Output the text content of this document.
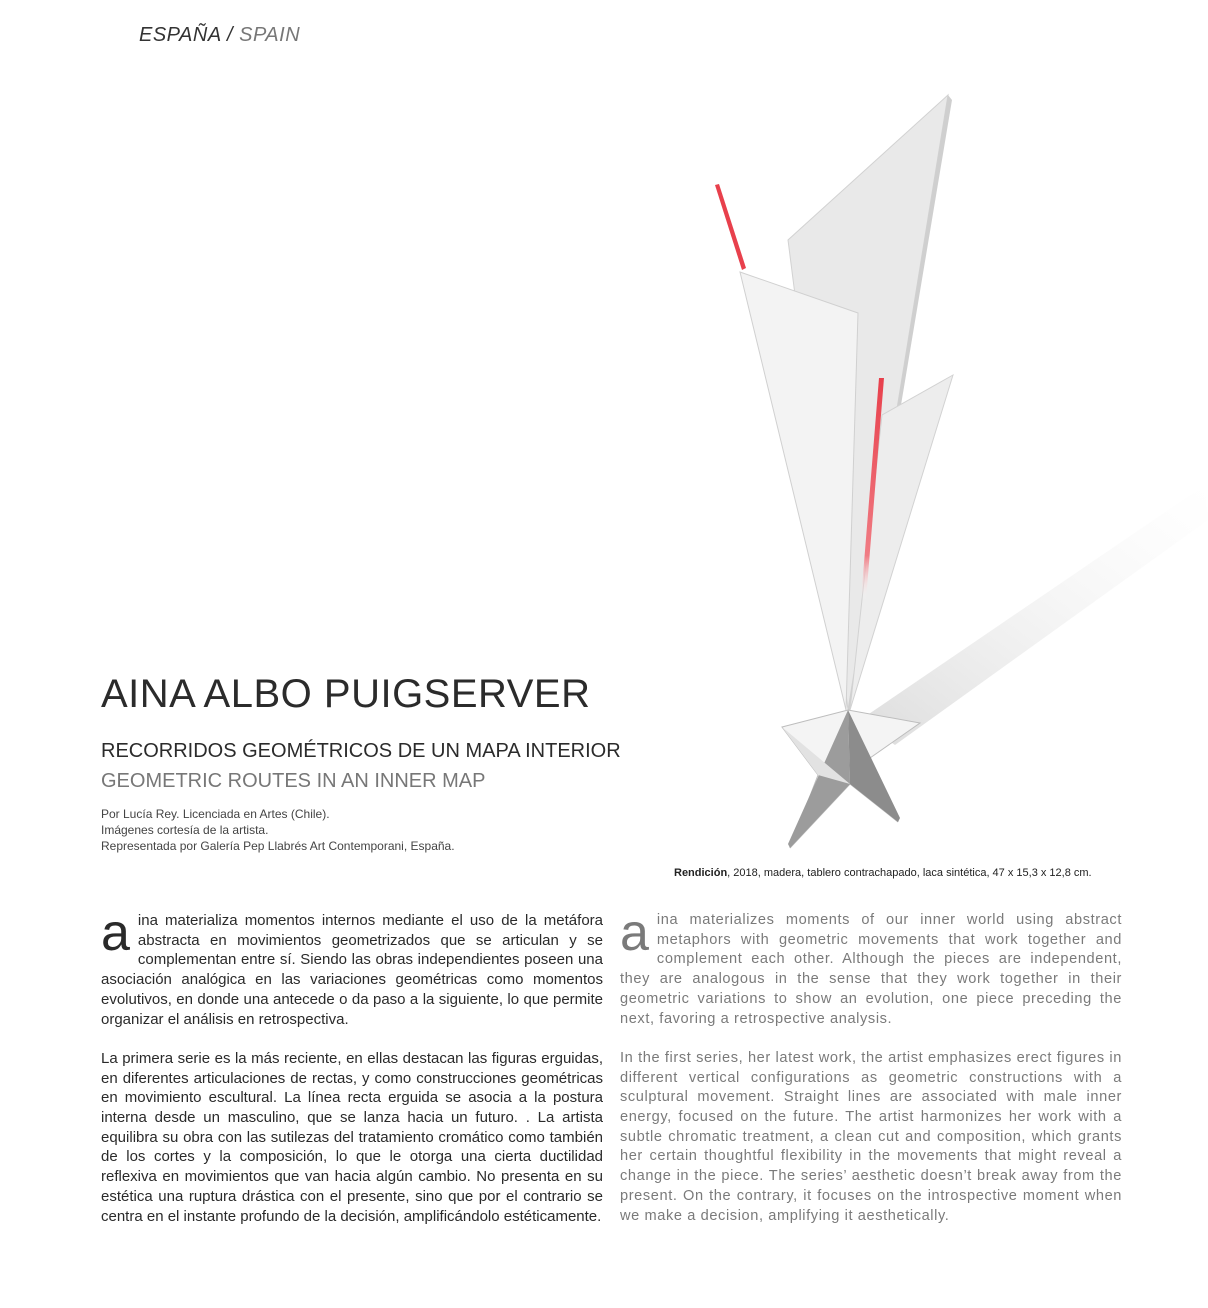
ESPAÑA / SPAIN
AINA ALBO PUIGSERVER
RECORRIDOS GEOMÉTRICOS DE UN MAPA INTERIOR
GEOMETRIC ROUTES IN AN INNER MAP
Por Lucía Rey. Licenciada en Artes (Chile).
Imágenes cortesía de la artista.
Representada por Galería Pep Llabrés Art Contemporani, España.
Rendición, 2018, madera, tablero contrachapado, laca sintética, 47 x 15,3 x 12,8 cm.

aina materializa momentos internos mediante el uso de la metáfora abstracta en movimientos geometrizados que se articulan y se complementan entre sí. Siendo las obras independientes poseen una asociación analógica en las variaciones geométricas como momentos evolutivos, en donde una antecede o da paso a la siguiente, lo que permite organizar el análisis en retrospectiva.

La primera serie es la más reciente, en ellas destacan las figuras erguidas, en diferentes articulaciones de rectas, y como construcciones geométricas en movimiento escultural. La línea recta erguida se asocia a la postura interna desde un masculino, que se lanza hacia un futuro. . La artista equilibra su obra con las sutilezas del tratamiento cromático como también de los cortes y la composición, lo que le otorga una cierta ductilidad reflexiva en movimientos que van hacia algún cambio. No presenta en su estética una ruptura drástica con el presente, sino que por el contrario se centra en el instante profundo de la decisión, amplificándolo estéticamente.

aina materializes moments of our inner world using abstract metaphors with geometric movements that work together and complement each other. Although the pieces are independent, they are analogous in the sense that they work together in their geometric variations to show an evolution, one piece preceding the next, favoring a retrospective analysis.

In the first series, her latest work, the artist emphasizes erect figures in different vertical configurations as geometric constructions with a sculptural movement. Straight lines are associated with male inner energy, focused on the future. The artist harmonizes her work with a subtle chromatic treatment, a clean cut and composition, which grants her certain thoughtful flexibility in the movements that might reveal a change in the piece. The series’ aesthetic doesn’t break away from the present. On the contrary, it focuses on the introspective moment when we make a decision, amplifying it aesthetically.
